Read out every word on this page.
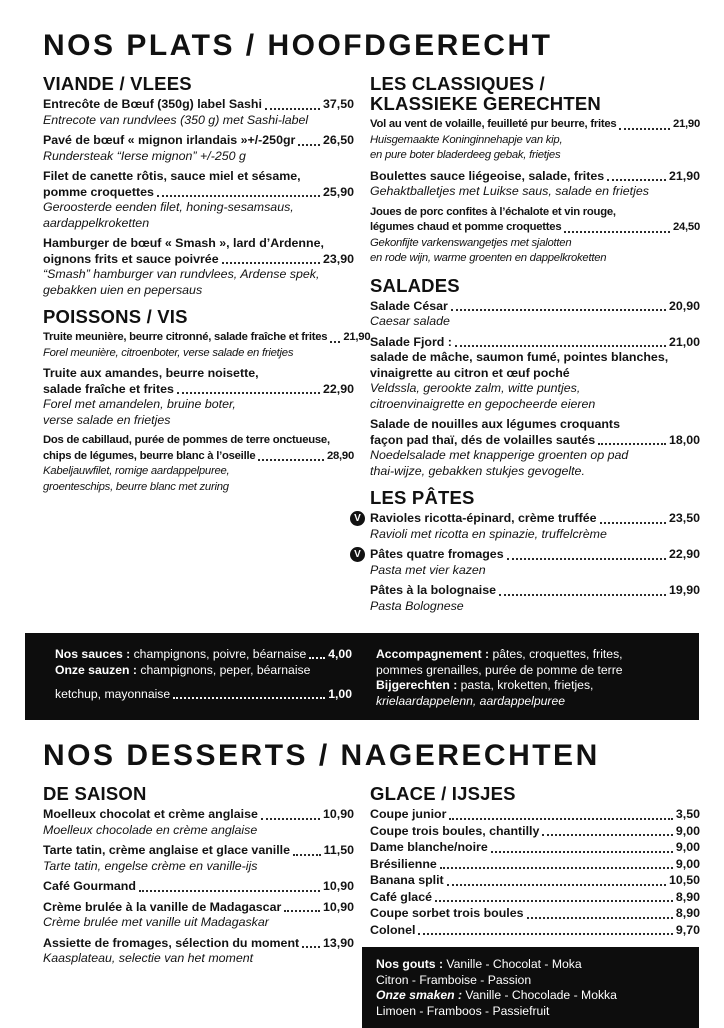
NOS PLATS / HOOFDGERECHT
VIANDE / VLEES
Entrecôte de Bœuf (350g) label Sashi	37,50
Entrecote van rundvlees (350 g) met Sashi-label
Pavé de bœuf « mignon irlandais »+/-250gr 26,50
Rundersteak “Ierse mignon” +/-250 g
Filet de canette rôtis, sauce miel et sésame,
pomme croquettes	25,90
Geroosterde eenden filet, honing-sesamsaus,
aardappelkroketten
Hamburger de bœuf « Smash », lard d’Ardenne,
oignons frits et sauce poivrée	23,90
“Smash” hamburger van rundvlees, Ardense spek,
gebakken uien en pepersaus
POISSONS / VIS
Truite meunière, beurre citronné, salade fraîche et frites 21,90
Forel meunière, citroenboter, verse salade en frietjes
Truite aux amandes, beurre noisette,
salade fraîche et frites	22,90
Forel met amandelen, bruine boter,
verse salade en frietjes
Dos de cabillaud, purée de pommes de terre onctueuse,
chips de légumes, beurre blanc à l’oseille	28,90
Kabeljauwfilet, romige aardappelpuree,
groenteschips, beurre blanc met zuring
LES CLASSIQUES /
KLASSIEKE GERECHTEN
Vol au vent de volaille, feuilleté pur beurre, frites	21,90
Huisgemaakte Koninginnehapje van kip,
en pure boter bladerdeeg gebak, frietjes
Boulettes sauce liégeoise, salade, frites	21,90
Gehaktballetjes met Luikse saus, salade en frietjes
Joues de porc confites à l’échalote et vin rouge,
légumes chaud et pomme croquettes	24,50
Gekonfijte varkenswangetjes met sjalotten
en rode wijn, warme groenten en dappelkroketten
SALADES
Salade César	20,90
Caesar salade
Salade Fjord :	21,00
salade de mâche, saumon fumé, pointes blanches,
vinaigrette au citron et œuf poché
Veldssla, gerookte zalm, witte puntjes,
citroenvinaigrette en gepocheerde eieren
Salade de nouilles aux légumes croquants
façon pad thaï, dés de volailles sautés	18,00
Noedelsalade met knapperige groenten op pad
thai-wijze, gebakken stukjes gevogelte.
LES PÂTES
V Ravioles ricotta-épinard, crème truffée	23,50
Ravioli met ricotta en spinazie, truffelcrème
V Pâtes quatre fromages	22,90
Pasta met vier kazen
Pâtes à la bolognaise	19,90
Pasta Bolognese
Nos sauces : champignons, poivre, béarnaise 4,00
Onze sauzen : champignons, peper, béarnaise
ketchup, mayonnaise	1,00
Accompagnement : pâtes, croquettes, frites,
pommes grenailles, purée de pomme de terre
Bijgerechten : pasta, kroketten, frietjes,
krielaardappelenn, aardappelpuree
NOS DESSERTS / NAGERECHTEN
DE SAISON
Moelleux chocolat et crème anglaise	10,90
Moelleux chocolade en crème anglaise
Tarte tatin, crème anglaise et glace vanille	11,50
Tarte tatin, engelse crème en vanille-ijs
Café Gourmand	10,90
Crème brulée à la vanille de Madagascar	10,90
Crème brulée met vanille uit Madagaskar
Assiette de fromages, sélection du moment 13,90
Kaasplateau, selectie van het moment
GLACE / IJSJES
Coupe junior	3,50
Coupe trois boules, chantilly	9,00
Dame blanche/noire	9,00
Brésilienne	9,00
Banana split	10,50
Café glacé	8,90
Coupe sorbet trois boules	8,90
Colonel	9,70
Nos gouts : Vanille - Chocolat - Moka
Citron - Framboise - Passion
Onze smaken : Vanille - Chocolade - Mokka
Limoen - Framboos - Passiefruit
